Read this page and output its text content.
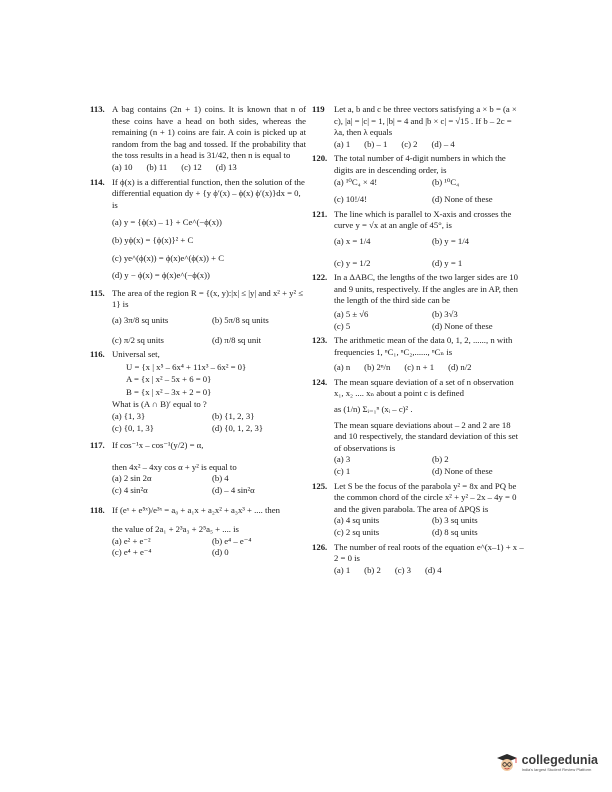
113. A bag contains (2n + 1) coins. It is known that n of these coins have a head on both sides, whereas the remaining (n + 1) coins are fair. A coin is picked up at random from the bag and tossed. If the probability that the toss results in a head is 31/42, then n is equal to
(a) 10 (b) 11 (c) 12 (d) 13
114. If ϕ(x) is a differential function, then the solution of the differential equation dy + {y ϕ′(x) – ϕ(x) ϕ′(x)}dx = 0, is
(a) y = {ϕ(x) – 1} + Ce^(−ϕ(x))
(b) yϕ(x) = {ϕ(x)}² + C
(c) ye^(ϕ(x)) = ϕ(x)e^(ϕ(x)) + C
(d) y − ϕ(x) = ϕ(x)e^(−ϕ(x))
115. The area of the region R = {(x, y):|x| ≤ |y| and x² + y² ≤ 1} is
(a) 3π/8 sq units	(b) 5π/8 sq units
(c) π/2 sq units	(d) π/8 sq unit
116. Universal set,
U = {x | x⁵ – 6x⁴ + 11x³ – 6x² = 0}
A = {x | x² – 5x + 6 = 0}
B = {x | x² – 3x + 2 = 0}
What is (A ∩ B)′ equal to ?
(a) {1, 3}	(b) {1, 2, 3}
(c) {0, 1, 3}	(d) {0, 1, 2, 3}
117. If cos⁻¹x – cos⁻¹(y/2) = α,
then 4x² – 4xy cos α + y² is equal to
(a) 2 sin 2α	(b) 4
(c) 4 sin²α	(d) – 4 sin²α
118. If (eˣ + e⁵ˣ)/e³ˣ = a₀ + a₁x + a₂x² + a₃x³ + .... then
the value of 2a₁ + 2³a₃ + 2⁵a₅ + .... is
(a) e² + e⁻²	(b) e⁴ – e⁻⁴
(c) e⁴ + e⁻⁴	(d) 0
119	Let a, b and c be three vectors satisfying a × b = (a × c), |a| = |c| = 1, |b| = 4 and |b × c| = √15 . If b – 2c = λa, then λ equals
(a) 1 (b) – 1 (c) 2 (d) – 4
120. The total number of 4-digit numbers in which the digits are in descending order, is
(a) ¹⁰C₄ × 4!	(b) ¹⁰C₄
(c) 10!/4!	(d) None of these
121. The line which is parallel to X-axis and crosses the curve y = √x at an angle of 45°, is
(a) x = 1/4	(b) y = 1/4
(c) y = 1/2	(d) y = 1
122. In a ΔABC, the lengths of the two larger sides are 10 and 9 units, respectively. If the angles are in AP, then the length of the third side can be
(a) 5 ± √6	(b) 3√3
(c) 5	(d) None of these
123. The arithmetic mean of the data 0, 1, 2, ......, n with frequencies 1, ⁿC₁, ⁿC₂,......, ⁿCₙ is
(a) n (b) 2ⁿ/n (c) n + 1 (d) n/2
124. The mean square deviation of a set of n observation x₁, x₂ .... xₙ about a point c is defined
as (1/n) Σᵢ₌₁ⁿ (xᵢ – c)² .
The mean square deviations about – 2 and 2 are 18 and 10 respectively, the standard deviation of this set of observations is
(a) 3	(b) 2
(c) 1	(d) None of these
125. Let S be the focus of the parabola y² = 8x and PQ be the common chord of the circle x² + y² – 2x – 4y = 0 and the given parabola. The area of ΔPQS is
(a) 4 sq units	(b) 3 sq units
(c) 2 sq units	(d) 8 sq units
126. The number of real roots of the equation e^(x–1) + x – 2 = 0 is
(a) 1 (b) 2 (c) 3 (d) 4
collegedunia
India's largest Student Review Platform
